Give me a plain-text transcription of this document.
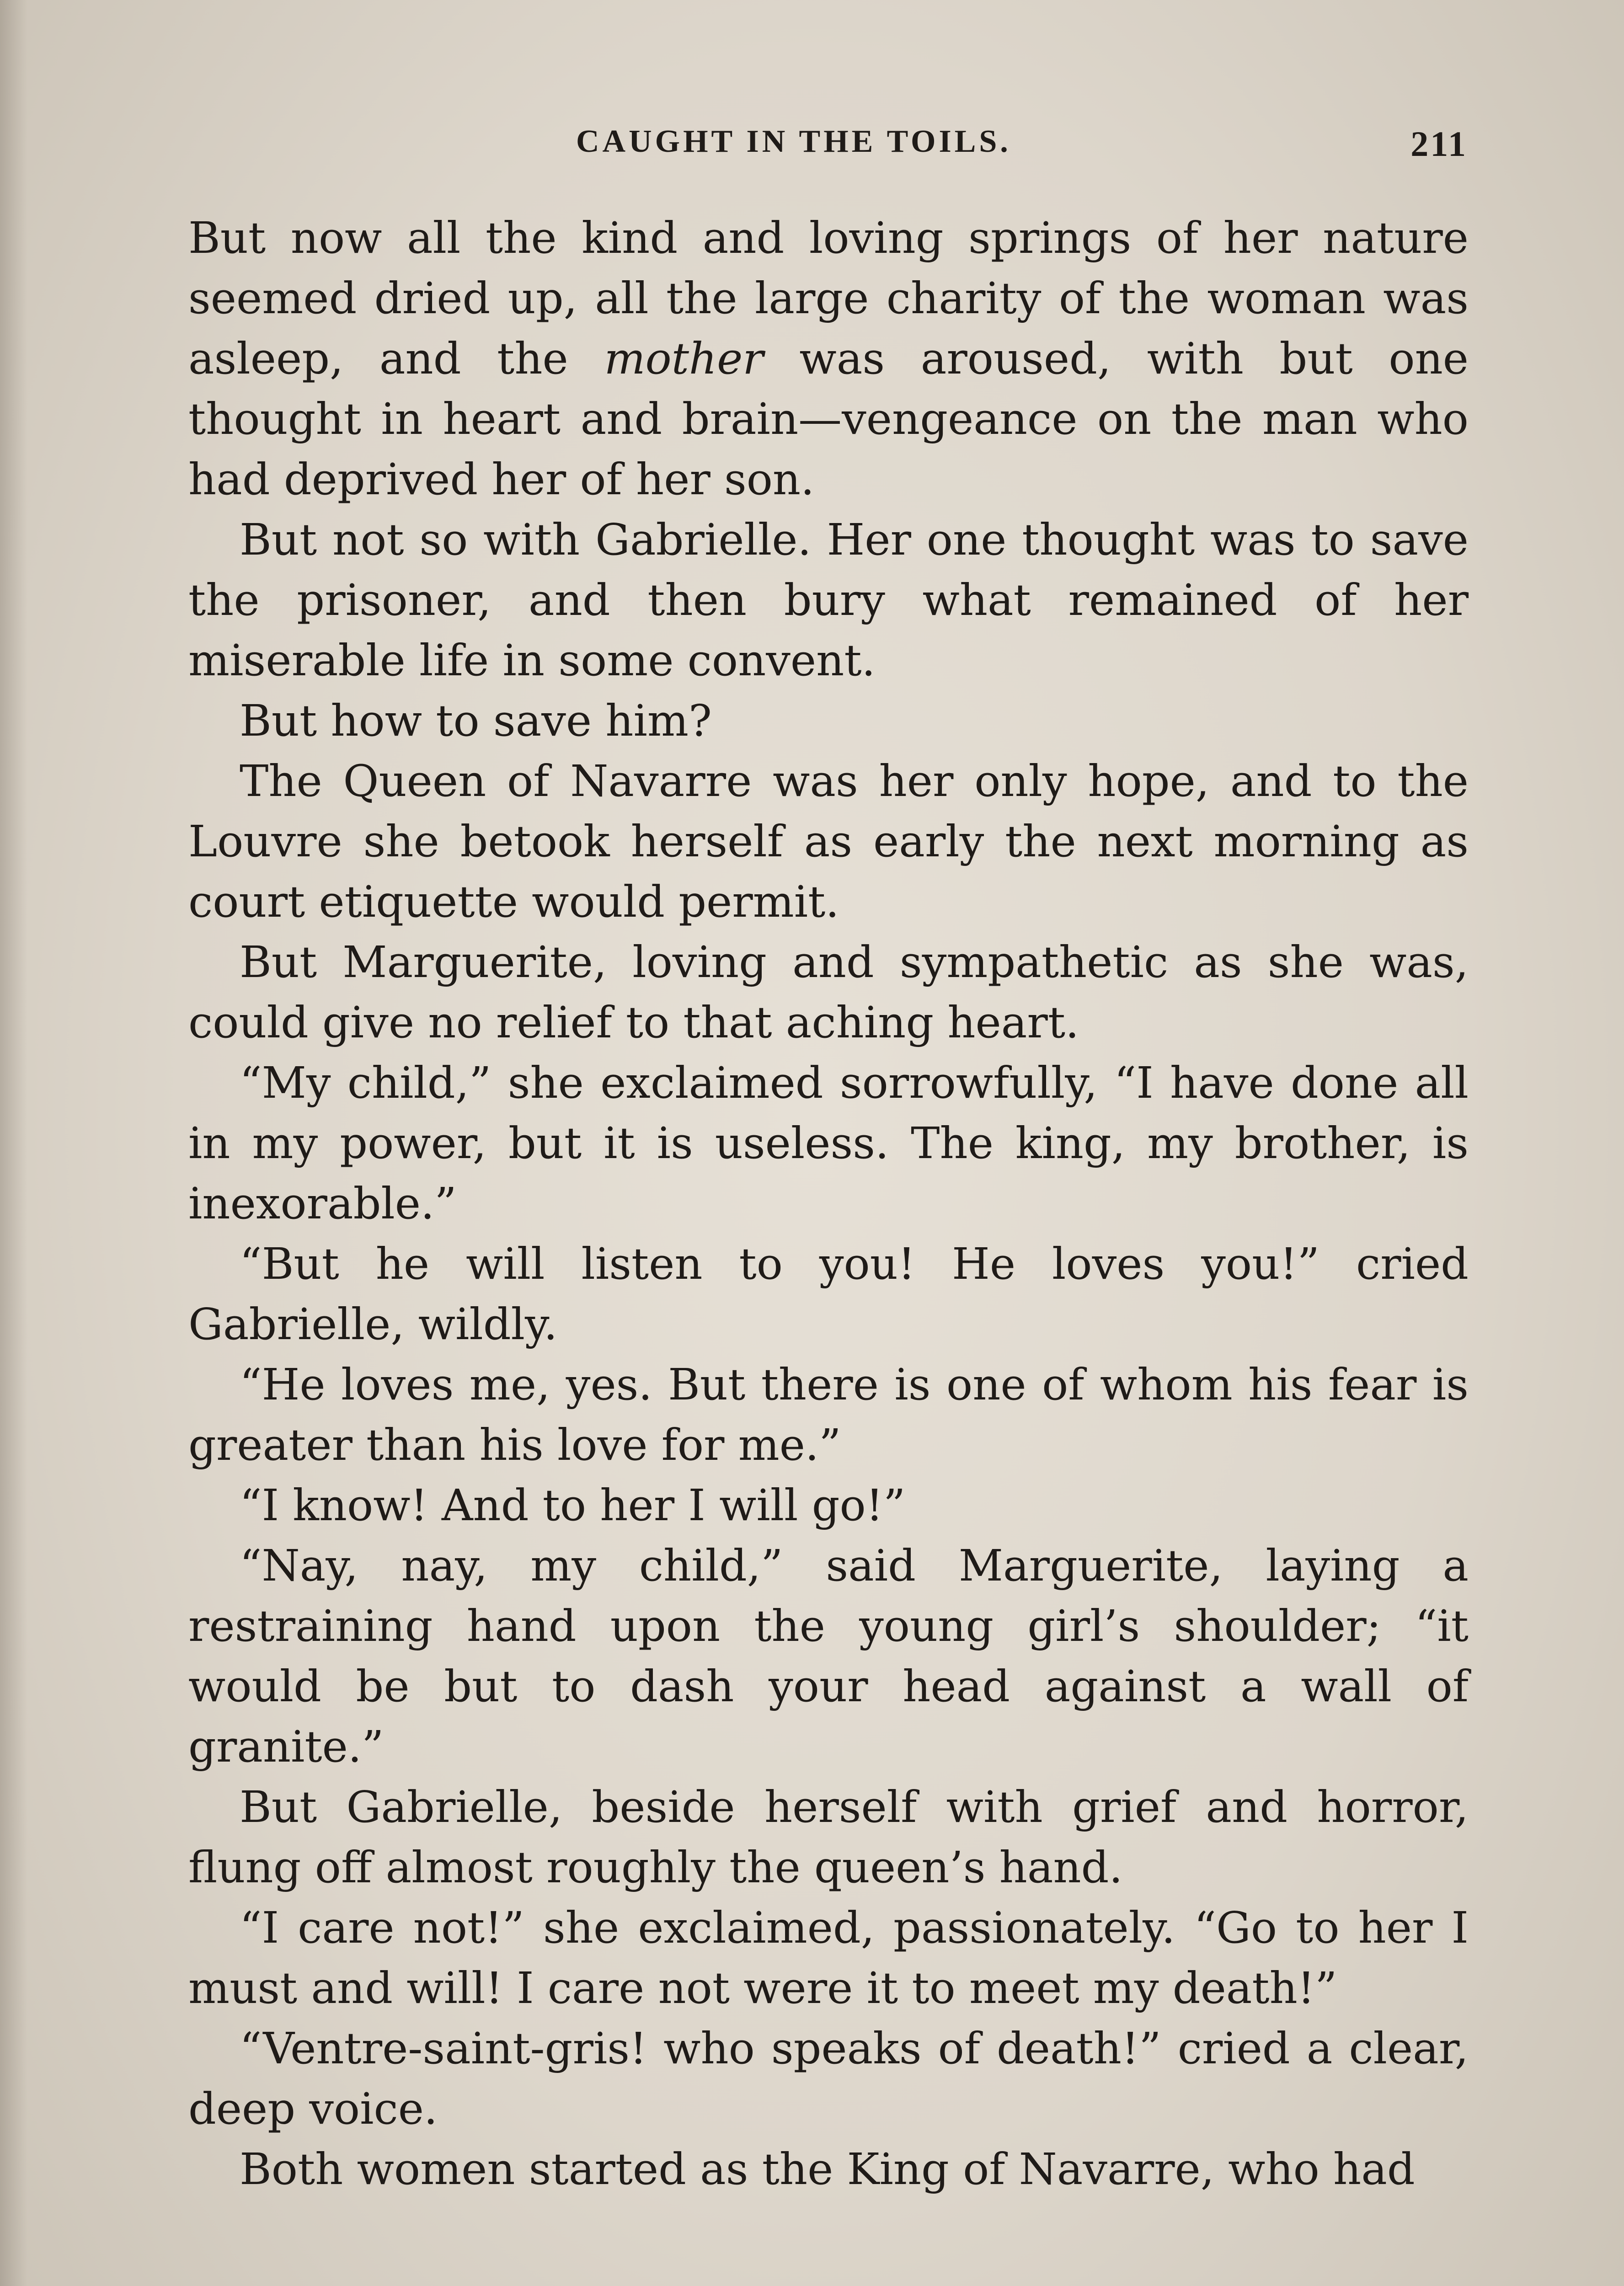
CAUGHT IN THE TOILS.	211

But now all the kind and loving springs of her nature seemed dried up, all the large charity of the woman was asleep, and the mother was aroused, with but one thought in heart and brain—vengeance on the man who had deprived her of her son.

But not so with Gabrielle. Her one thought was to save the prisoner, and then bury what remained of her miserable life in some convent.

But how to save him?

The Queen of Navarre was her only hope, and to the Louvre she betook herself as early the next morning as court etiquette would permit.

But Marguerite, loving and sympathetic as she was, could give no relief to that aching heart.

“My child,” she exclaimed sorrowfully, “I have done all in my power, but it is useless. The king, my brother, is inexorable.”

“But he will listen to you! He loves you!” cried Gabrielle, wildly.

“He loves me, yes. But there is one of whom his fear is greater than his love for me.”

“I know! And to her I will go!”

“Nay, nay, my child,” said Marguerite, laying a restraining hand upon the young girl’s shoulder; “it would be but to dash your head against a wall of granite.”

But Gabrielle, beside herself with grief and horror, flung off almost roughly the queen’s hand.

“I care not!” she exclaimed, passionately. “Go to her I must and will! I care not were it to meet my death!”

“Ventre-saint-gris! who speaks of death!” cried a clear, deep voice.

Both women started as the King of Navarre, who had
